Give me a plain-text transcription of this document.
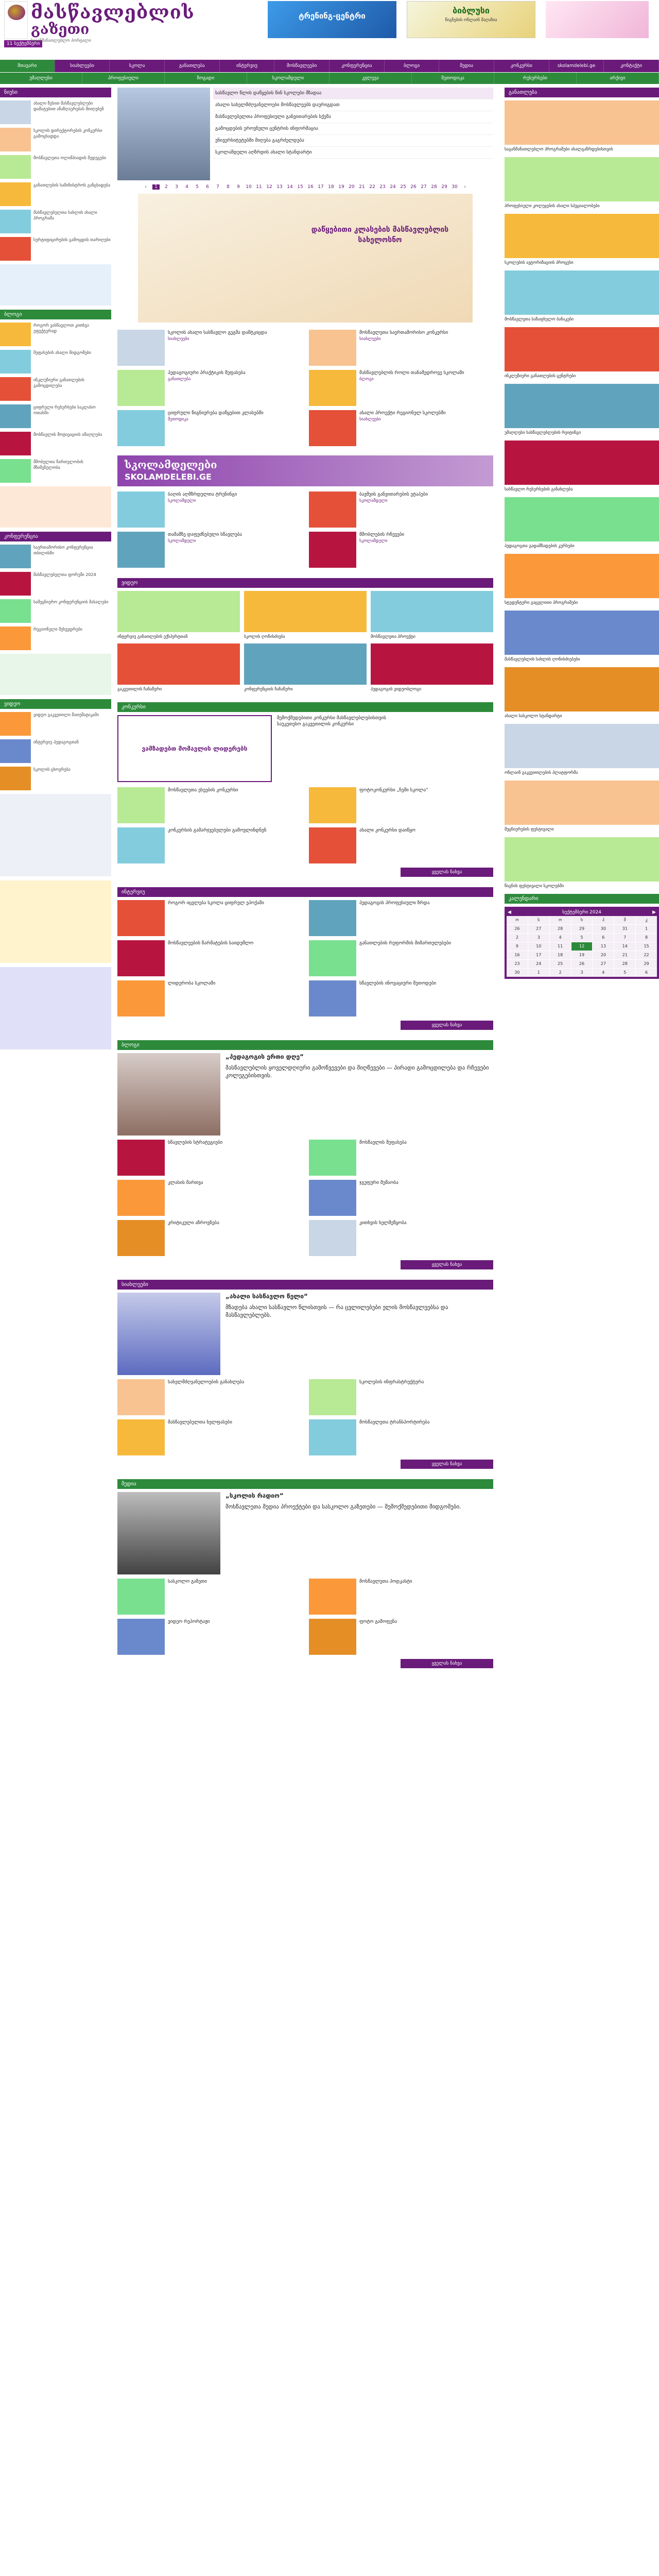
მასწავლებლის
გაზეთი
11 სექტემბერი
საგანმანათლებლო პორტალი
ტრენინგ-ცენტრი
ბიბლუსი
წიგნების ონლაინ მაღაზია
მთავარი	სიახლეები	სკოლა	განათლება	ინტერვიუ	მოსწავლეები	კონფერენცია	ბლოგი	მედია	კონკურსი	skolamdelebi.ge	კონტაქტი
უმაღლესი	პროფესიული	ზოგადი	სკოლამდელი	კვლევა	მეთოდიკა	რესურსები	არქივი
ნიუსი
ახალი წესით მასწავლებლები დამატებით ანაზღაურებას მიიღებენ
სკოლის დირექტორების კონკურსი გამოცხადდა
მოსწავლეთა ოლიმპიადის შედეგები
განათლების სამინისტროს განცხადება
მასწავლებელთა სახლის ახალი პროგრამა
სერტიფიცირების გამოცდის თარიღები
ბლოგი
როგორ ვასწავლოთ კითხვა ეფექტურად
შეფასების ახალი მიდგომები
ინკლუზიური განათლების გამოცდილება
ციფრული რესურსები საკლასო ოთახში
მოსწავლის მოტივაციის ამაღლება
მშობელთა ჩართულობის მნიშვნელობა
კონფერენცია
საერთაშორისო კონფერენცია თბილისში
მასწავლებელთა ფორუმი 2024
სამეცნიერო კონფერენციის მასალები
რეგიონული შეხვედრები
ვიდეო
ვიდეო გაკვეთილი მათემატიკაში
ინტერვიუ პედაგოგთან
სკოლის ცხოვრება
სასწავლო წლის დაწყების წინ სკოლები მზადაა
ახალი სახელმძღვანელოები მოსწავლეებს დაურიგდათ
მასწავლებელთა პროფესიული განვითარების სქემა
გამოცდების ეროვნული ცენტრის ინფორმაცია
უნივერსიტეტებში მიღება გაგრძელდება
სკოლამდელი აღზრდის ახალი სტანდარტი
‹	1	2	3	4	5	6	7	8	9	10 11 12 13 14 15 16 17 18 19 20 21 22 23 24 25 26 27 28 29 30	›
დაწყებითი კლასების მასწავლებლის სახელოსნო
სკოლის ახალი სასწავლო გეგმა დამტკიცდა
სიახლეები
მოსწავლეთა საერთაშორისო კონკურსი
სიახლეები
პედაგოგიური პრაქტიკის შეფასება
განათლება
მასწავლებლის როლი თანამედროვე სკოლაში
ბლოგი
ციფრული წიგნიერება დაწყებით კლასებში
მეთოდიკა
ახალი პროექტი რეგიონულ სკოლებში
სიახლეები
სკოლამდელები
SKOLAMDELEBI.GE
ბაღის აღმზრდელთა ტრენინგი
სკოლამდელი
ბავშვის განვითარების ეტაპები
სკოლამდელი
თამაშზე დაფუძნებული სწავლება
სკოლამდელი
მშობლების რჩევები
სკოლამდელი
ვიდეო
ინტერვიუ განათლების ექსპერტთან	სკოლის ღონისძიება	მოსწავლეთა პროექტი
გაკვეთილის ჩანაწერი	კონფერენციის ჩანაწერი	პედაგოგის ვიდეობლოგი
კონკურსი
ვამზადებთ მომავლის ლიდერებს
შემოქმედებითი კონკურსი მასწავლებლებისთვის
საუკეთესო გაკვეთილის კონკურსი
მოსწავლეთა ესეების კონკურსი	ფოტოკონკურსი „ჩემი სკოლა“
კონკურსის გამარჯვებულები გამოვლინდნენ	ახალი კონკურსი დაიწყო
ყველას ნახვა
ინტერვიუ
როგორ იცვლება სკოლა ციფრულ ეპოქაში	პედაგოგის პროფესიული ზრდა
მოსწავლეების წარმატების საიდუმლო	განათლების რეფორმის მიმართულებები
ლიდერობა სკოლაში	სწავლების ინოვაციური მეთოდები
ყველას ნახვა
ბლოგი
„პედაგოგის ერთი დღე“
მასწავლებლის ყოველდღიური გამოწვევები და მიღწევები — პირადი გამოცდილება და რჩევები კოლეგებისთვის.
სწავლების სტრატეგიები	მოსწავლის შეფასება
კლასის მართვა	ჯგუფური მუშაობა
კრიტიკული აზროვნება	კითხვის ხელშეწყობა
ყველას ნახვა
სიახლეები
„ახალი სასწავლო წელი“
მზადება ახალი სასწავლო წლისთვის — რა ცვლილებები ელის მოსწავლეებსა და მასწავლებლებს.
სახელმძღვანელოების განახლება	სკოლების ინფრასტრუქტურა
მასწავლებელთა ხელფასები	მოსწავლეთა ტრანსპორტირება
ყველას ნახვა
მედია
„სკოლის რადიო“
მოსწავლეთა მედია პროექტები და სასკოლო გაზეთები — შემოქმედებითი მიდგომები.
სასკოლო გაზეთი	მოსწავლეთა პოდკასტი
ვიდეო რეპორტაჟი	ფოტო გამოფენა
ყველას ნახვა
განათლება
საგანმანათლებლო პროგრამები ახალგაზრდებისთვის
პროფესიული კოლეჯების ახალი სპეციალობები
სკოლების ავტორიზაციის პროცესი
მოსწავლეთა საზაფხულო ბანაკები
ინკლუზიური განათლების ცენტრები
უმაღლესი სასწავლებლების რეიტინგი
სასწავლო რესურსების განახლება
პედაგოგთა გადამზადების კურსები
სტუდენტური გაცვლითი პროგრამები
მასწავლებლის სახლის ღონისძიებები
ახალი სასკოლო სტანდარტი
ონლაინ გაკვეთილების პლატფორმა
მეცნიერების ფესტივალი
წიგნის ფესტივალი სკოლებში
კალენდარი
◀	სექტემბერი 2024	▶
ო	ს	ო	ხ	პ	შ	კ
26	27	28	29	30	31	1
2	3	4	5	6	7	8
9	10	11	12	13	14	15
16	17	18	19	20	21	22
23	24	25	26	27	28	29
30	1	2	3	4	5	6
